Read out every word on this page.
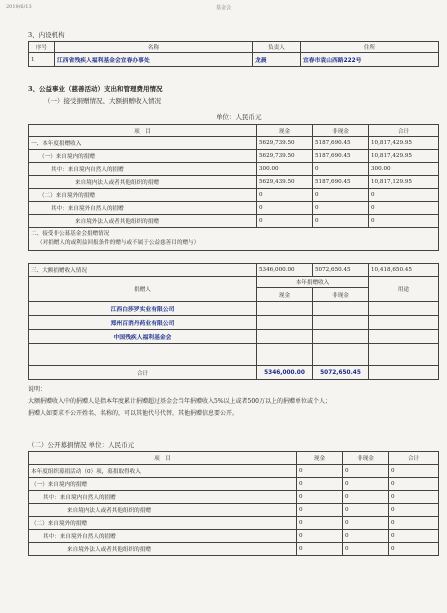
2019/6/13	基金会
3、内设机构
序号	名称	负责人	住所
1	江西省残疾人福利基金会宜春办事处	龙晨	宜春市袁山西路222号
3、公益事业（慈善活动）支出和管理费用情况
（一）接受捐赠情况、大额捐赠收入情况
单位：人民币元
项　目	现金	非现金	合计
一、本年度捐赠收入	5629,739.50	5187,690.45	10,817,429.95
（一）来自境内的捐赠	5629,739.50	5187,690.45	10,817,429.95
其中：来自境内自然人的捐赠	300.00	0	300.00
来自境内法人或者其他组织的捐赠	5629,439.50	5187,690.45	10,817,129.95
（二）来自境外的捐赠	0	0	0
其中：来自境外自然人的捐赠	0	0	0
来自境外法人或者其他组织的捐赠	0	0	0

二、接受非公募基金会捐赠情况
（对捐赠人的或利益回报条件的赠与或不属于公益慈善目的赠与）			
三、大额捐赠收入情况	5346,000.00	5072,650.45	10,418,650.45
捐赠人	本年捐赠收入		用途
	现金	非现金	
江西白莎罗实业有限公司			
郑州百消丹药业有限公司			
中国残疾人福利基金会			

合计	5346,000.00	5072,650.45	
说明：
大额捐赠收入中的捐赠人是指本年度累计捐赠超过基金会当年捐赠收入5%以上或者500万以上的捐赠单位或个人；
捐赠人如要求不公开姓名、名称的，可以其他代号代替，其他捐赠信息要公开。
（二）公开募捐情况 单位：人民币元
项　目	现金	非现金	合计
本年度组织募捐活动（0）项，募捐取得收入	0	0	0
（一）来自境内的捐赠	0	0	0
其中：来自境内自然人的捐赠	0	0	0
来自境内法人或者其他组织的捐赠	0	0	0
（二）来自境外的捐赠	0	0	0
其中：来自境外自然人的捐赠	0	0	0
来自境外法人或者其他组织的捐赠	0	0	0
